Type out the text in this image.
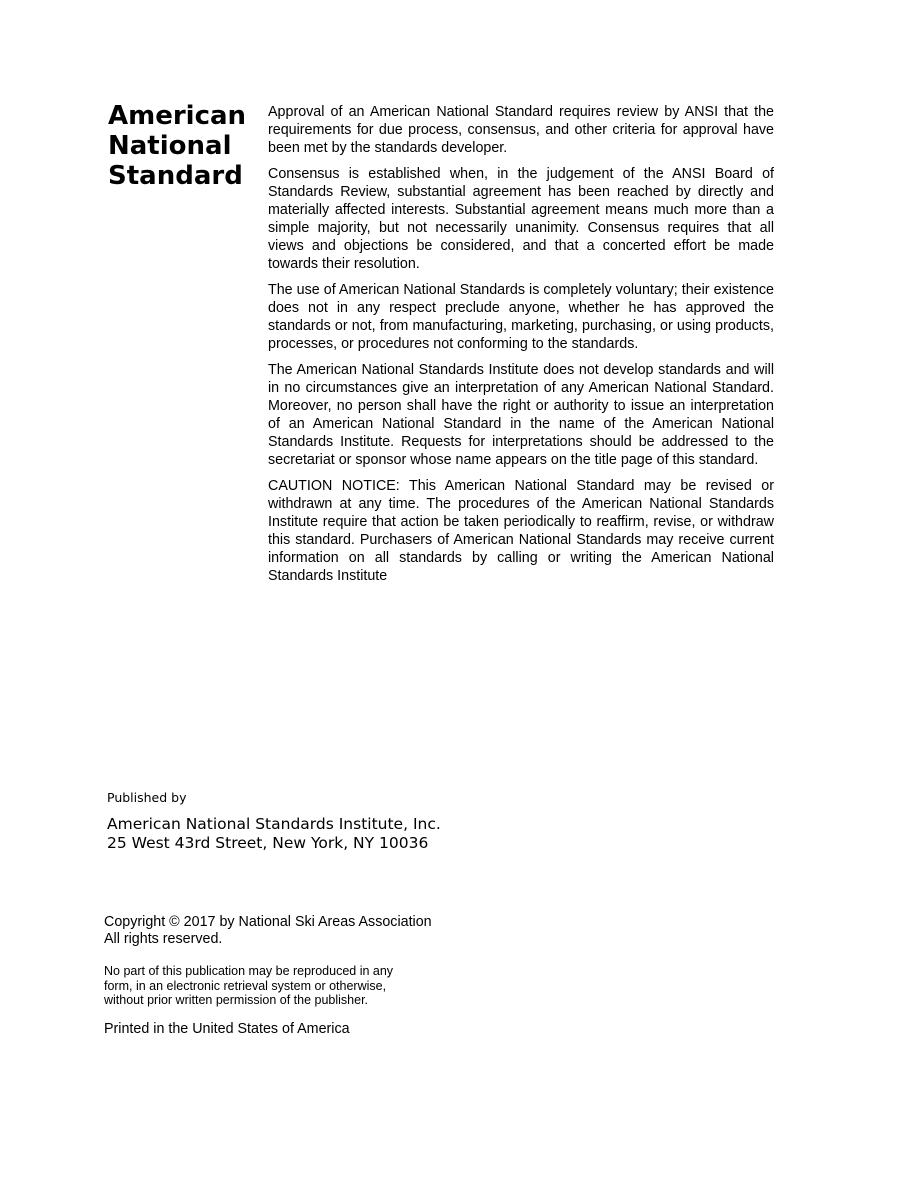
American
National
Standard

Approval of an American National Standard requires review by ANSI that the requirements for due process, consensus, and other criteria for approval have been met by the standards developer.

Consensus is established when, in the judgement of the ANSI Board of Standards Review, substantial agreement has been reached by directly and materially affected interests. Substantial agreement means much more than a simple majority, but not necessarily unanimity. Consensus requires that all views and objections be considered, and that a concerted effort be made towards their resolution.

The use of American National Standards is completely voluntary; their existence does not in any respect preclude anyone, whether he has approved the standards or not, from manufacturing, marketing, purchasing, or using products, processes, or procedures not conforming to the standards.

The American National Standards Institute does not develop standards and will in no circumstances give an interpretation of any American National Standard. Moreover, no person shall have the right or authority to issue an interpretation of an American National Standard in the name of the American National Standards Institute. Requests for interpretations should be addressed to the secretariat or sponsor whose name appears on the title page of this standard.

CAUTION NOTICE: This American National Standard may be revised or withdrawn at any time. The procedures of the American National Standards Institute require that action be taken periodically to reaffirm, revise, or withdraw this standard. Purchasers of American National Standards may receive current information on all standards by calling or writing the American National Standards Institute

Published by
American National Standards Institute, Inc.
25 West 43rd Street, New York, NY 10036
Copyright © 2017 by National Ski Areas Association
All rights reserved.
No part of this publication may be reproduced in any
form, in an electronic retrieval system or otherwise,
without prior written permission of the publisher.
Printed in the United States of America
